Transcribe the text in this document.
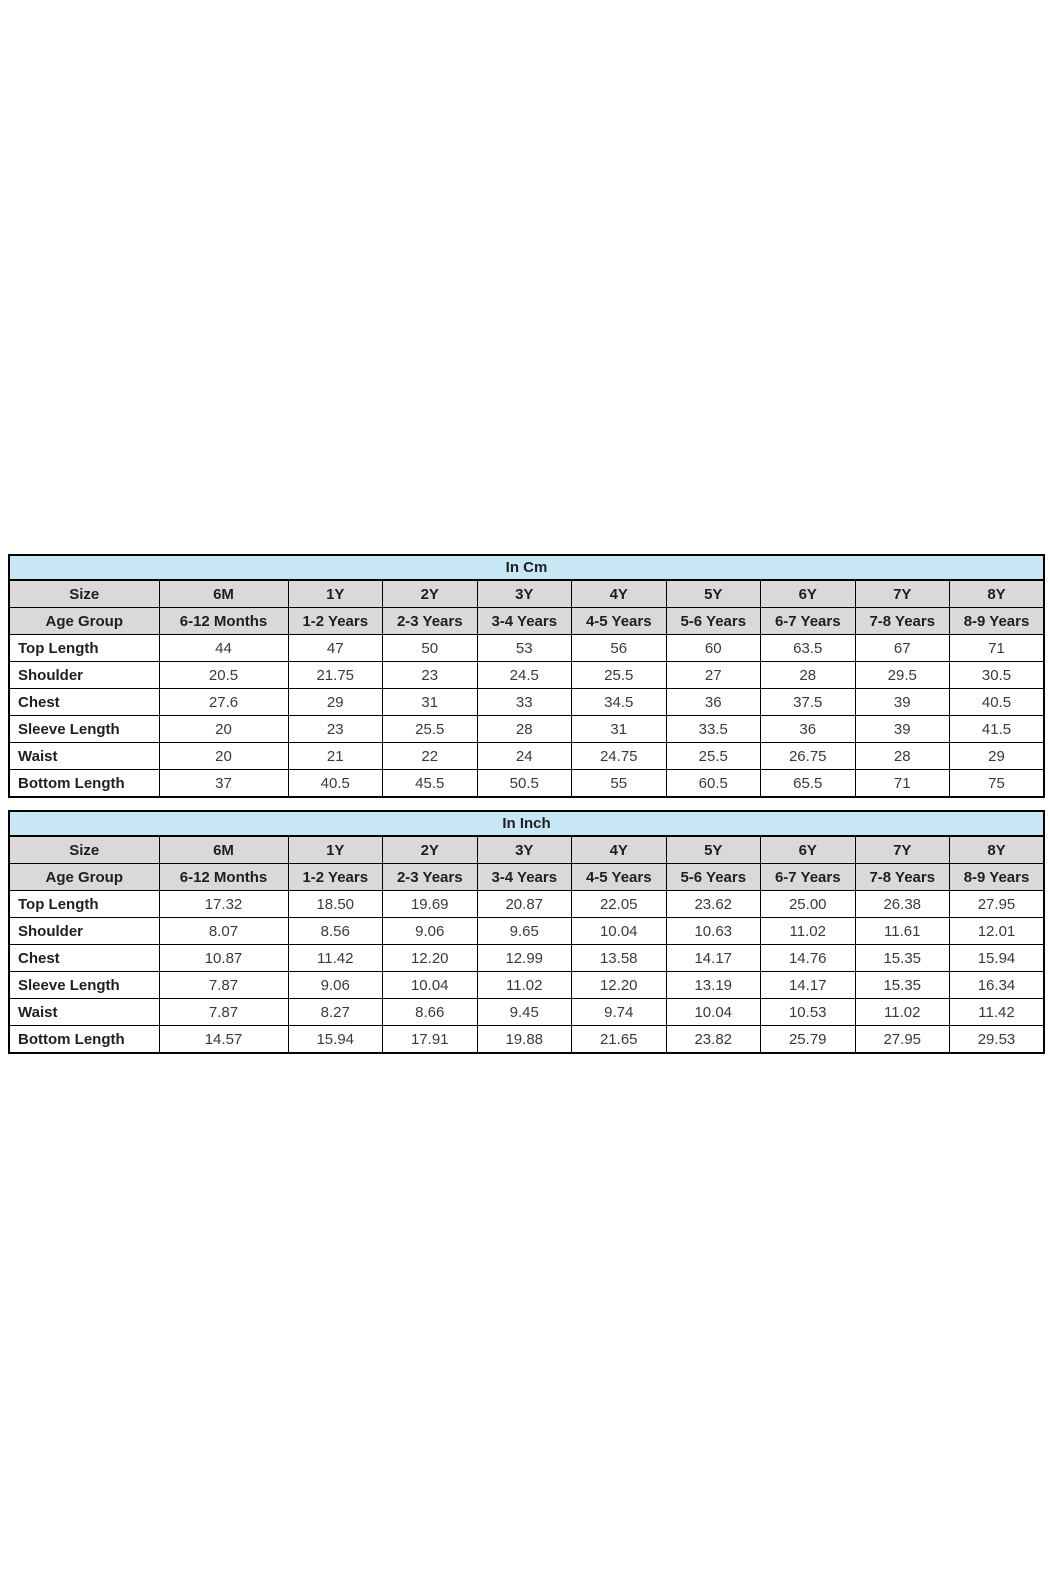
In Cm									
Size	6M	1Y	2Y	3Y	4Y	5Y	6Y	7Y	8Y
Age Group	6-12 Months	1-2 Years	2-3 Years	3-4 Years	4-5 Years	5-6 Years	6-7 Years	7-8 Years	8-9 Years
Top Length	44	47	50	53	56	60	63.5	67	71
Shoulder	20.5	21.75	23	24.5	25.5	27	28	29.5	30.5
Chest	27.6	29	31	33	34.5	36	37.5	39	40.5
Sleeve Length	20	23	25.5	28	31	33.5	36	39	41.5
Waist	20	21	22	24	24.75	25.5	26.75	28	29
Bottom Length	37	40.5	45.5	50.5	55	60.5	65.5	71	75
In Inch									
Size	6M	1Y	2Y	3Y	4Y	5Y	6Y	7Y	8Y
Age Group	6-12 Months	1-2 Years	2-3 Years	3-4 Years	4-5 Years	5-6 Years	6-7 Years	7-8 Years	8-9 Years
Top Length	17.32	18.50	19.69	20.87	22.05	23.62	25.00	26.38	27.95
Shoulder	8.07	8.56	9.06	9.65	10.04	10.63	11.02	11.61	12.01
Chest	10.87	11.42	12.20	12.99	13.58	14.17	14.76	15.35	15.94
Sleeve Length	7.87	9.06	10.04	11.02	12.20	13.19	14.17	15.35	16.34
Waist	7.87	8.27	8.66	9.45	9.74	10.04	10.53	11.02	11.42
Bottom Length	14.57	15.94	17.91	19.88	21.65	23.82	25.79	27.95	29.53
